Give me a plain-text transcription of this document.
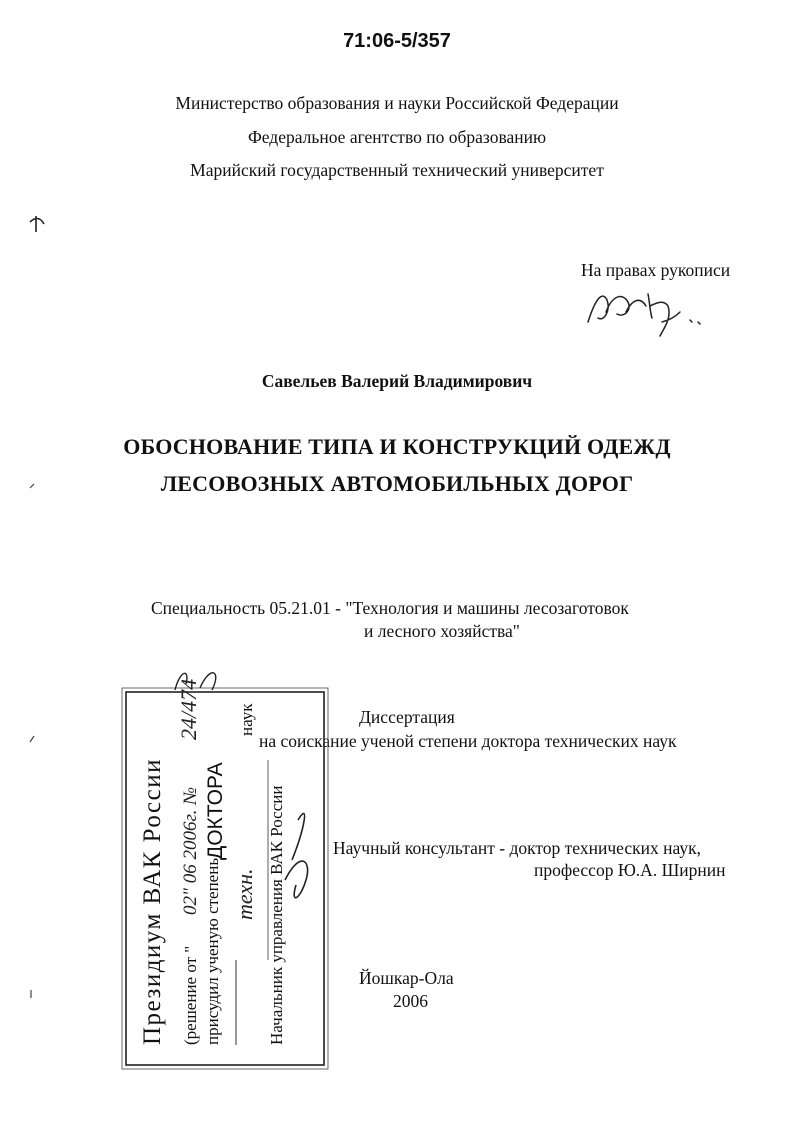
71:06-5/357
Министерство образования и науки Российской Федерации
Федеральное агентство по образованию
Марийский государственный технический университет
На правах рукописи
Савельев Валерий Владимирович
ОБОСНОВАНИЕ ТИПА И КОНСТРУКЦИЙ ОДЕЖД
ЛЕСОВОЗНЫХ АВТОМОБИЛЬНЫХ ДОРОГ
Специальность 05.21.01 - "Технология и машины лесозаготовок
и лесного хозяйства"
Диссертация
на соискание ученой степени доктора технических наук
Научный консультант - доктор технических наук,
профессор Ю.А. Ширнин
Йошкар-Ола
2006
Президиум ВАК России (решение от "
02" 06 2006г. №
24/474
присудил ученую степень
ДОКТОРА
наук
техн. Начальник управления ВАК России
